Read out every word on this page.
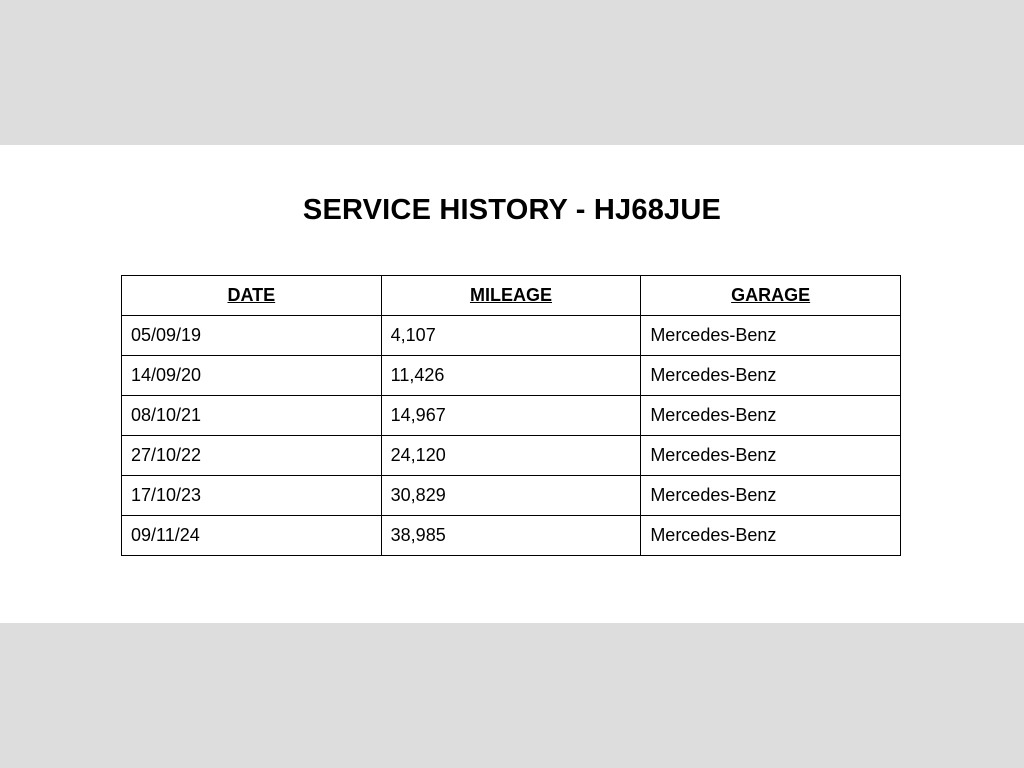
SERVICE HISTORY - HJ68JUE
DATE	MILEAGE	GARAGE
05/09/19	4,107	Mercedes-Benz
14/09/20	11,426	Mercedes-Benz
08/10/21	14,967	Mercedes-Benz
27/10/22	24,120	Mercedes-Benz
17/10/23	30,829	Mercedes-Benz
09/11/24	38,985	Mercedes-Benz
